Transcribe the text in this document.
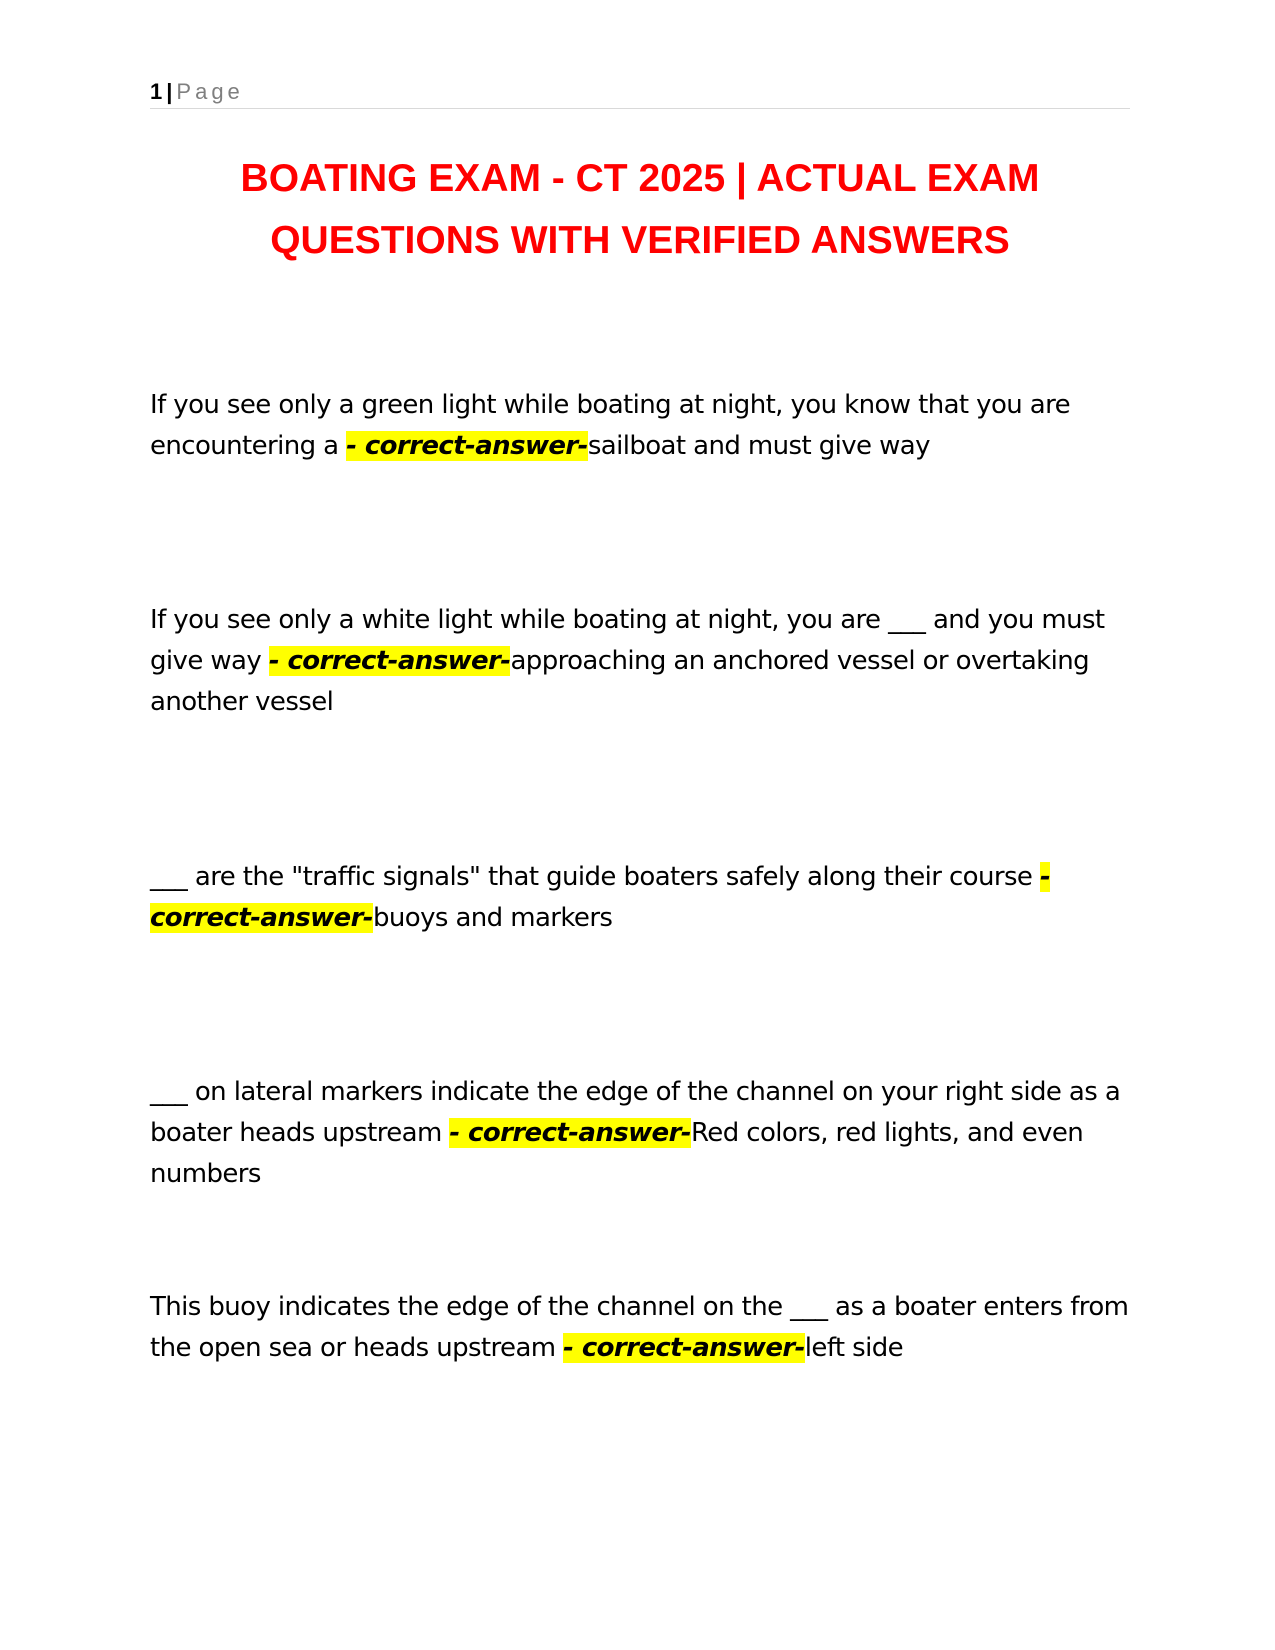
1 | Page
BOATING EXAM - CT 2025 | ACTUAL EXAM QUESTIONS WITH VERIFIED ANSWERS
If you see only a green light while boating at night, you know that you are encountering a - correct-answer-sailboat and must give way
If you see only a white light while boating at night, you are ___ and you must give way - correct-answer-approaching an anchored vessel or overtaking another vessel
___ are the "traffic signals" that guide boaters safely along their course - correct-answer-buoys and markers
___ on lateral markers indicate the edge of the channel on your right side as a boater heads upstream - correct-answer-Red colors, red lights, and even numbers
This buoy indicates the edge of the channel on the ___ as a boater enters from the open sea or heads upstream - correct-answer-left side
